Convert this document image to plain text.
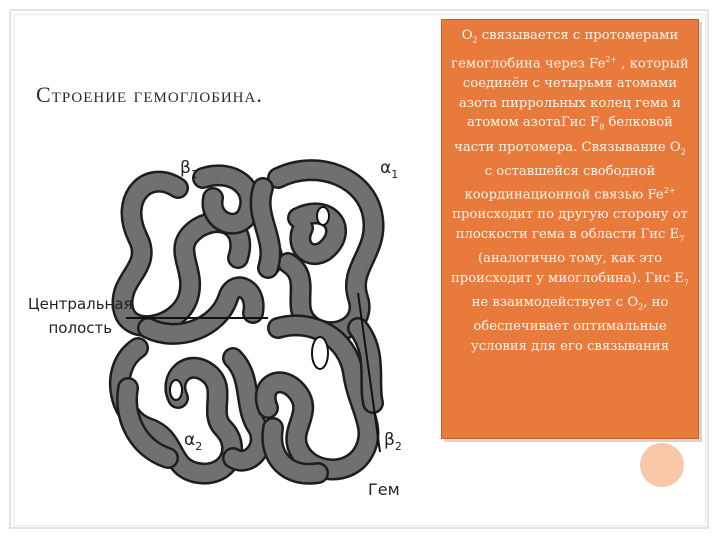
Строение гемоглобина.
$\beta_1$	$\alpha_1$
$\alpha_2$	$\beta_2$
Центральная
полость
Гем
$O_2$ связывается с протомерами гемоглобина через $Fe^{2+}$ , который соединён с четырьмя атомами азота пиррольных колец гема и атомом азотаГис $F_8$ белковой части протомера. Связывание $O_2$ с оставшейся свободной координационной связью $Fe^{2+}$ происходит по другую сторону от плоскости гема в области Гис $E_7$ (аналогично тому, как это происходит у миоглобина). Гис $E_7$ не взаимодействует с $O_2$, но обеспечивает оптимальные условия для его связывания
